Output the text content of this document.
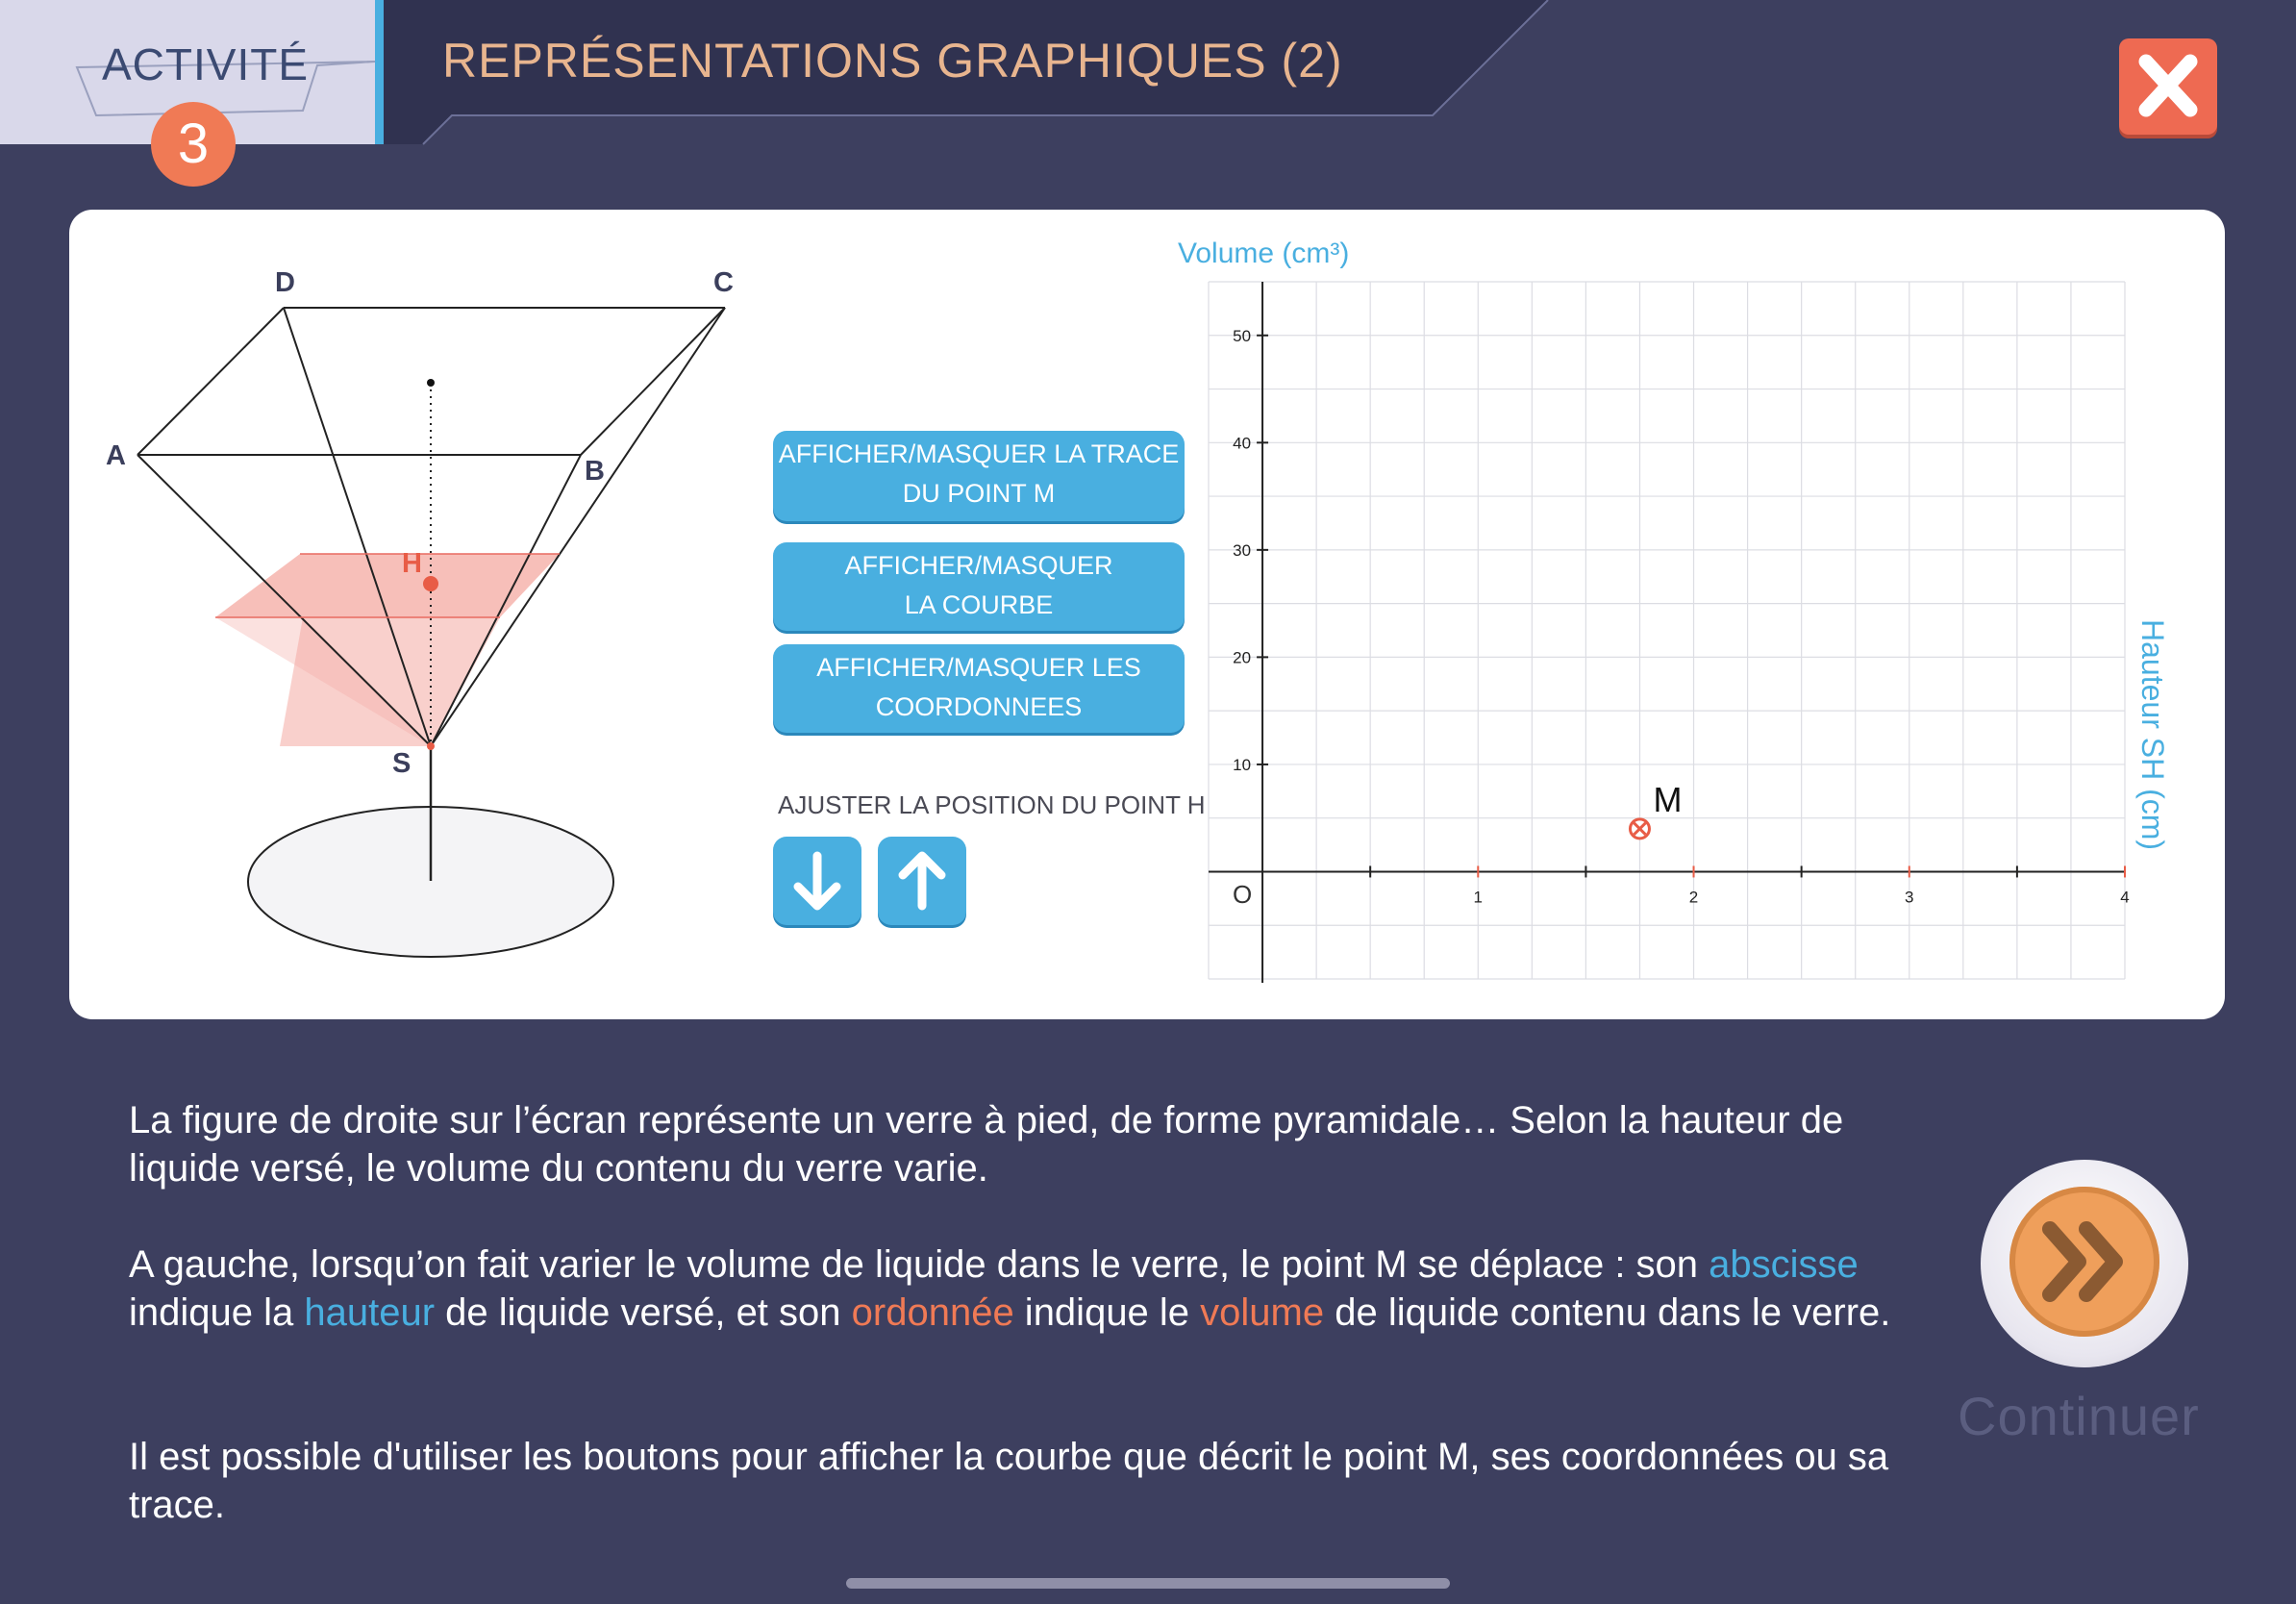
ACTIVITÉ
3
REPRÉSENTATIONS GRAPHIQUES (2)
D	C
A	B
H
S
AFFICHER/MASQUER LA TRACE
DU POINT M
AFFICHER/MASQUER
LA COURBE
AFFICHER/MASQUER LES
COORDONNEES
AJUSTER LA POSITION DU POINT H
1	2	3	4
10
20
30
40
50
Volume (cm³)
Hauteur SH (cm)
O
M
La figure de droite sur l’écran représente un verre à pied, de forme pyramidale… Selon la hauteur de liquide versé, le volume du contenu du verre varie.
A gauche, lorsqu’on fait varier le volume de liquide dans le verre, le point M se déplace : son abscisse indique la hauteur de liquide versé, et son ordonnée indique le volume de liquide contenu dans le verre.
Il est possible d'utiliser les boutons pour afficher la courbe que décrit le point M, ses coordonnées ou sa trace.
Continuer
